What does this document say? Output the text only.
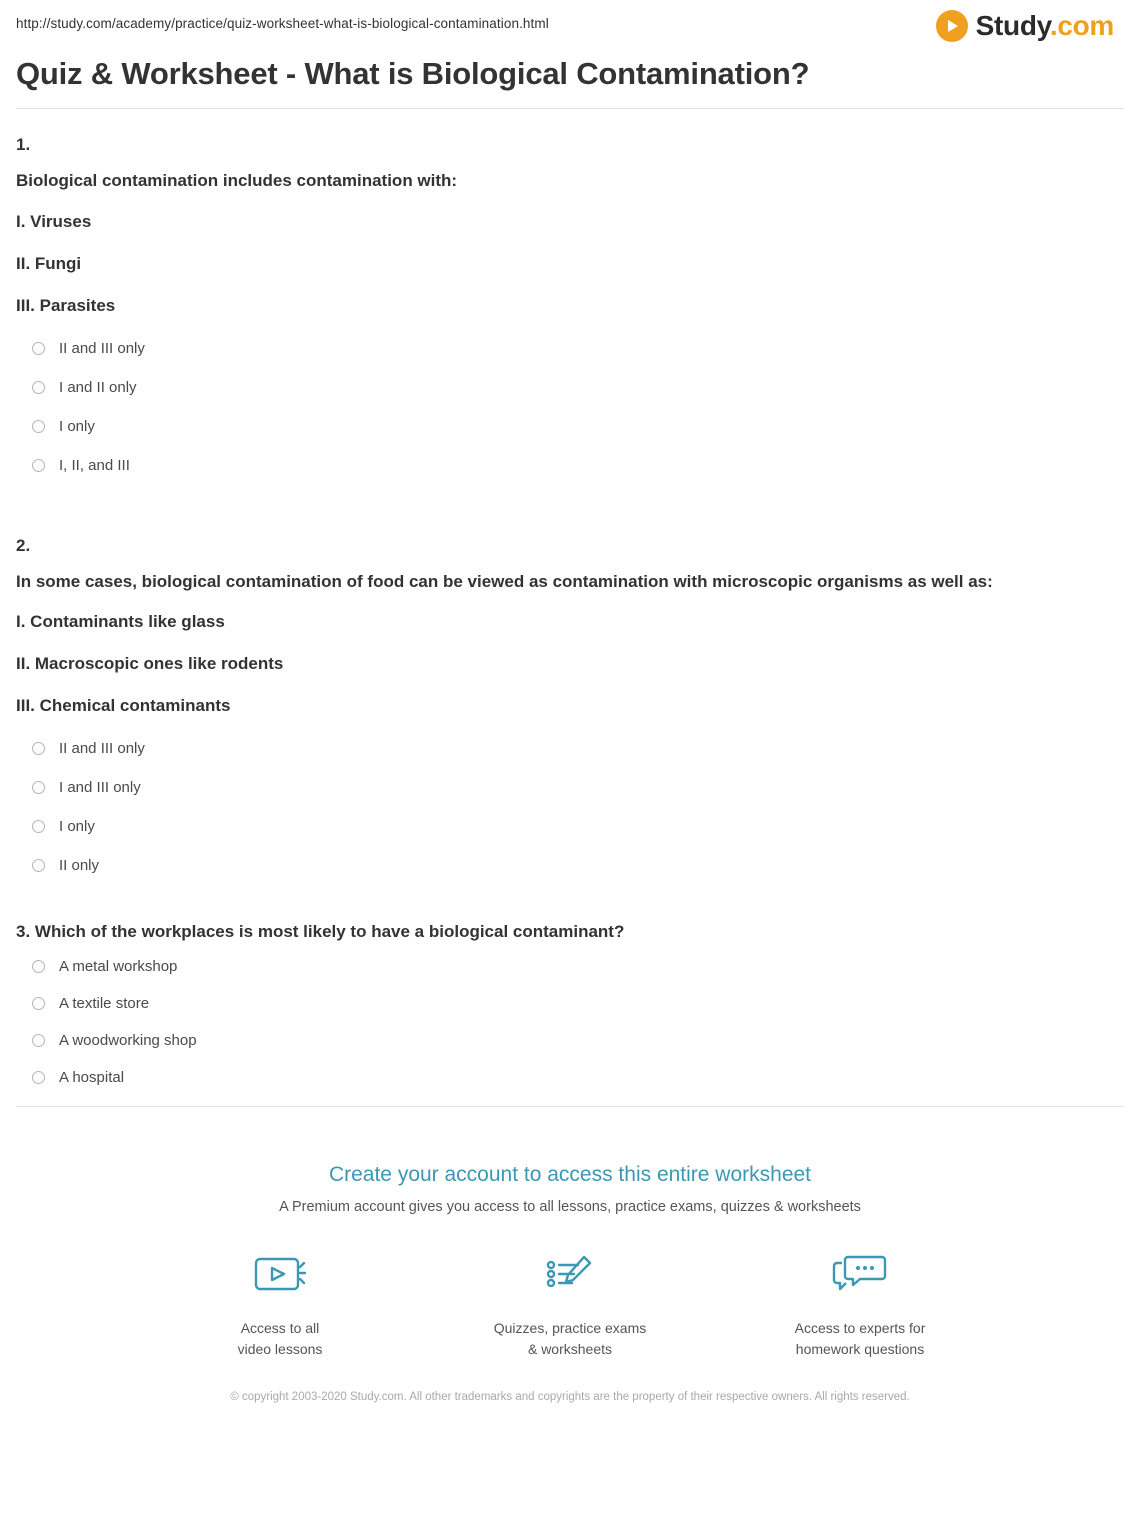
http://study.com/academy/practice/quiz-worksheet-what-is-biological-contamination.html	Study.com
Quiz & Worksheet - What is Biological Contamination?
1.
Biological contamination includes contamination with:
I. Viruses
II. Fungi
III. Parasites
II and III only
I and II only
I only
I, II, and III
2.
In some cases, biological contamination of food can be viewed as contamination with microscopic organisms as well as:
I. Contaminants like glass
II. Macroscopic ones like rodents
III. Chemical contaminants
II and III only
I and III only
I only
II only
3. Which of the workplaces is most likely to have a biological contaminant?
A metal workshop
A textile store
A woodworking shop
A hospital
Create your account to access this entire worksheet
A Premium account gives you access to all lessons, practice exams, quizzes & worksheets
Access to all
video lessons
Quizzes, practice exams
& worksheets
Access to experts for
homework questions
© copyright 2003-2020 Study.com. All other trademarks and copyrights are the property of their respective owners. All rights reserved.
